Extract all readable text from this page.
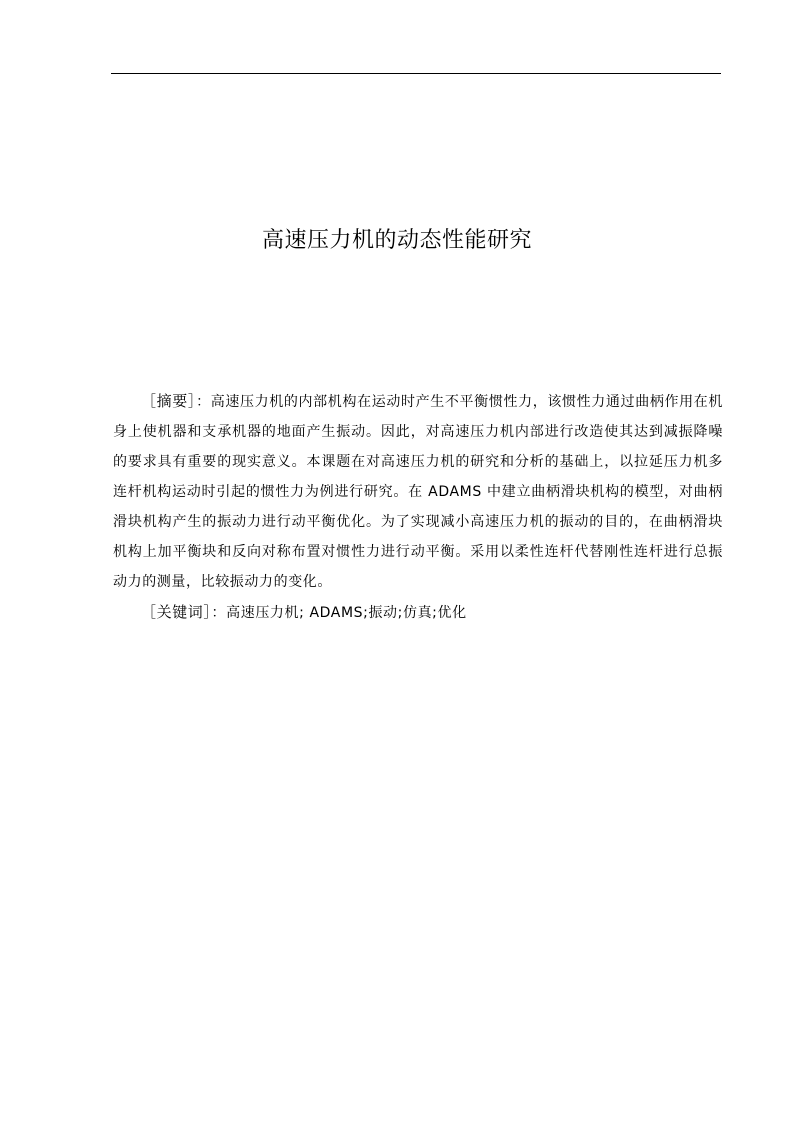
高速压力机的动态性能研究

［摘要］：高速压力机的内部机构在运动时产生不平衡惯性力，该惯性力通过曲柄作用在机身上使机器和支承机器的地面产生振动。因此，对高速压力机内部进行改造使其达到减振降噪的要求具有重要的现实意义。本课题在对高速压力机的研究和分析的基础上，以拉延压力机多连杆机构运动时引起的惯性力为例进行研究。在 ADAMS 中建立曲柄滑块机构的模型，对曲柄滑块机构产生的振动力进行动平衡优化。为了实现减小高速压力机的振动的目的，在曲柄滑块机构上加平衡块和反向对称布置对惯性力进行动平衡。采用以柔性连杆代替刚性连杆进行总振动力的测量，比较振动力的变化。

［关键词］：高速压力机; ADAMS;振动;仿真;优化
